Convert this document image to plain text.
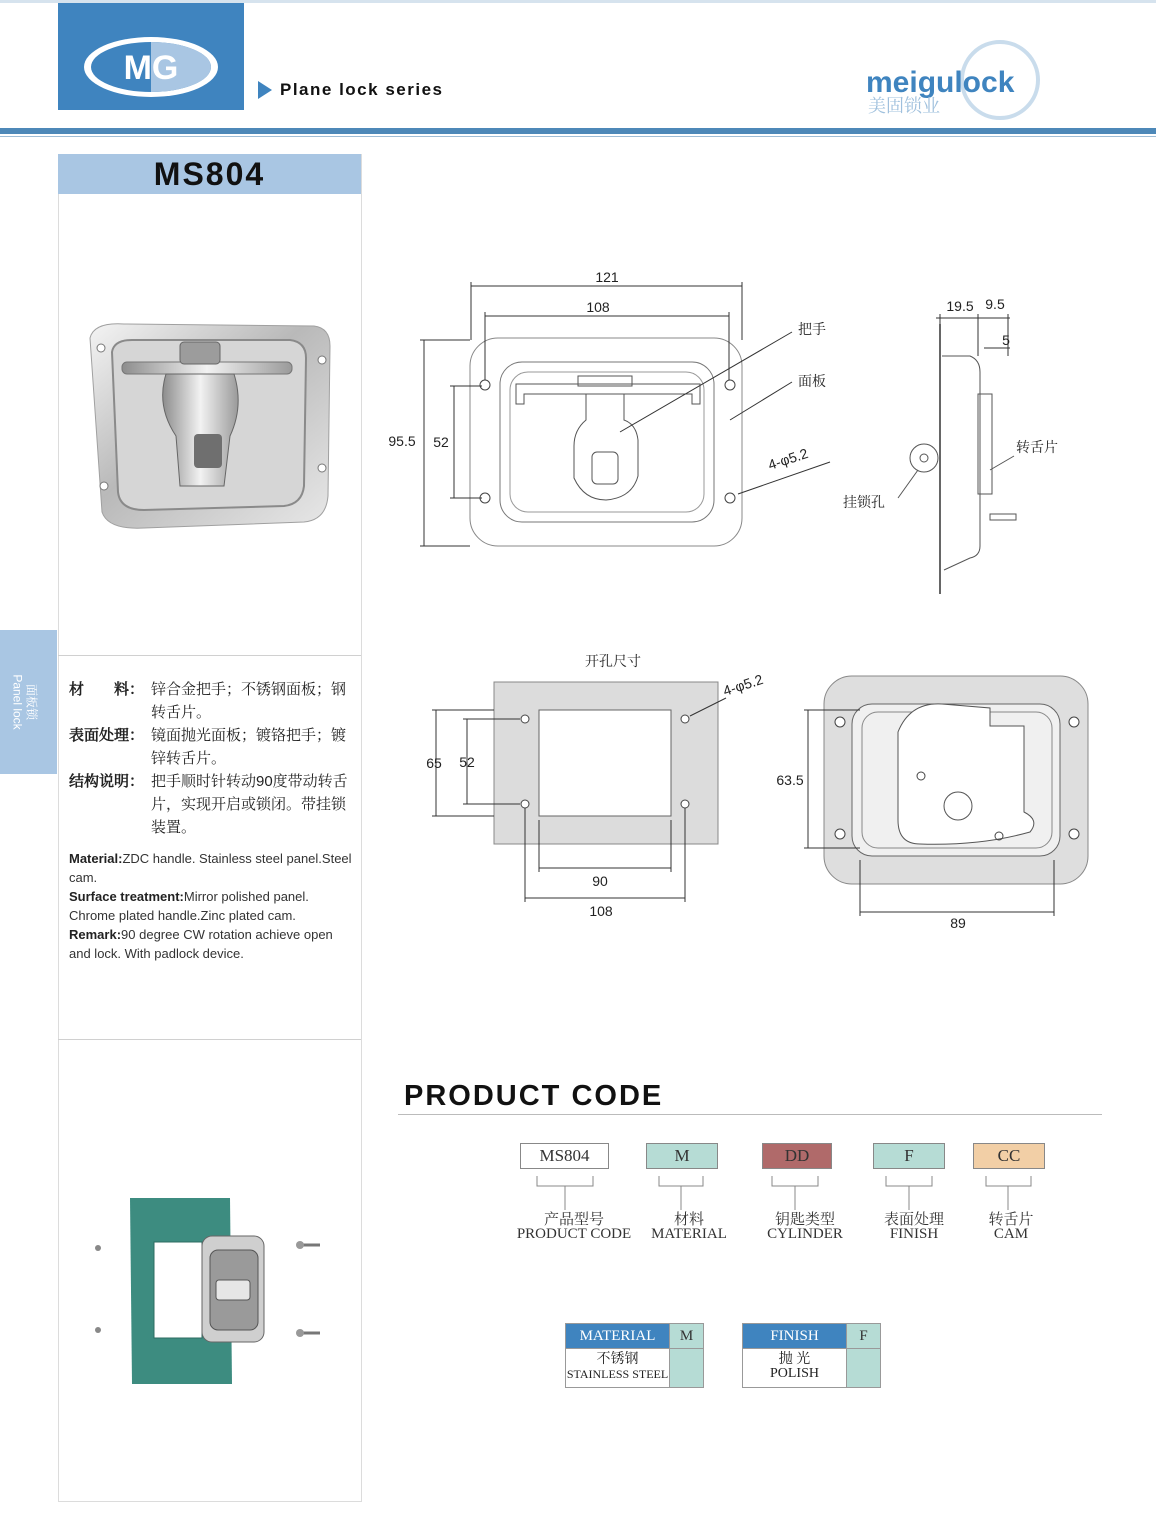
MG
Plane lock series	meigulock
美固锁业
面板锁
Panel lock
MS804
材　　料： 锌合金把手；不锈钢面板；钢转舌片。
表面处理： 镜面抛光面板；镀铬把手；镀锌转舌片。
结构说明： 把手顺时针转动90度带动转舌片，实现开启或锁闭。带挂锁装置。
Material:ZDC handle. Stainless steel panel.Steel cam.
Surface treatment:Mirror polished panel. Chrome plated handle.Zinc plated cam.
Remark:90 degree CW rotation achieve open and lock. With padlock device.
121
108
95.5 52
把手
面板
4-φ5.2
19.5 9.5
5
转舌片
挂锁孔
开孔尺寸
4-φ5.2
65 52
90
108
63.5
89
PRODUCT CODE
MS804	M	DD	F	CC
产品型号
PRODUCT CODE
材料
MATERIAL
钥匙类型
CYLINDER
表面处理
FINISH
转舌片
CAM
MATERIAL	M
不锈钢
STAINLESS STEEL
FINISH	F
抛 光
POLISH
